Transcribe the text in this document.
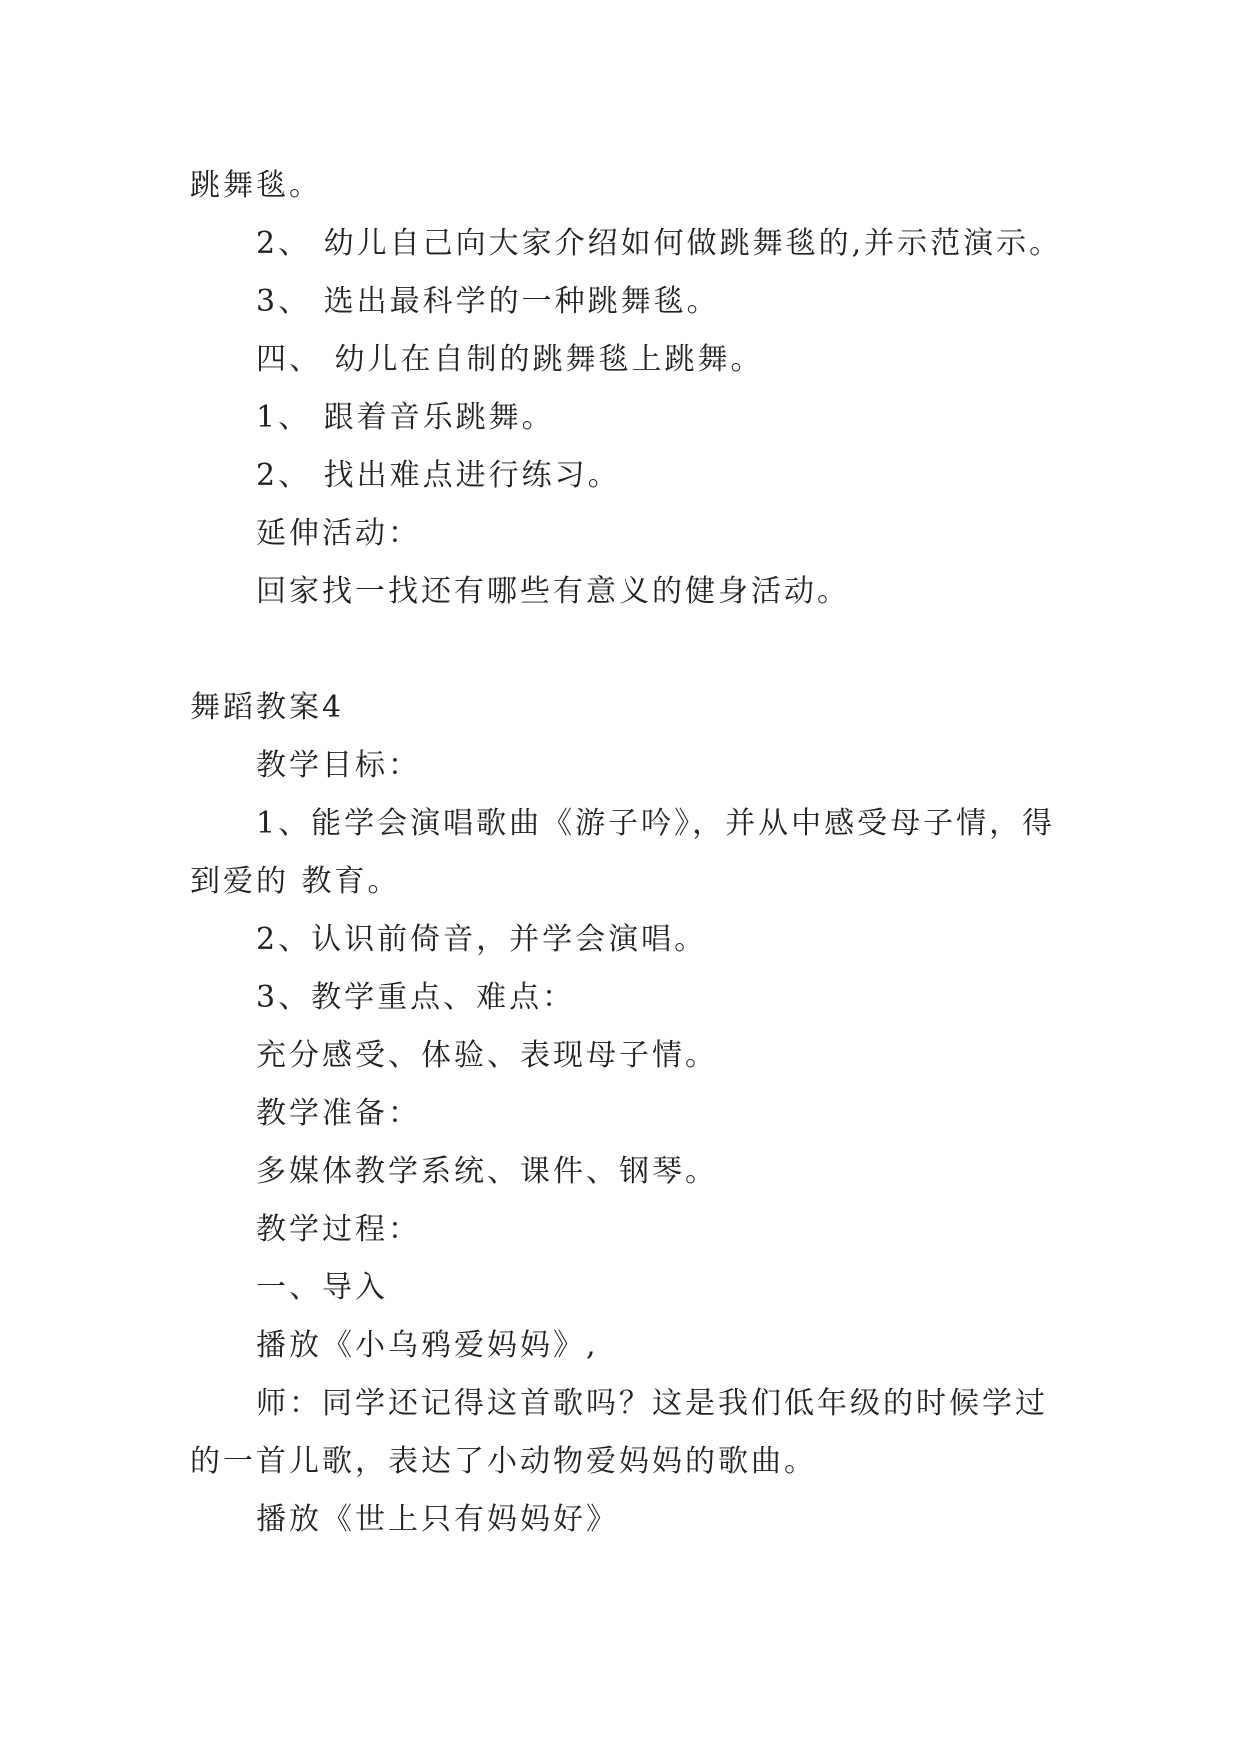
跳舞毯。
2、 幼儿自己向大家介绍如何做跳舞毯的,并示范演示。
3、 选出最科学的一种跳舞毯。
四、 幼儿在自制的跳舞毯上跳舞。
1、 跟着音乐跳舞。
2、 找出难点进行练习。
延伸活动：
回家找一找还有哪些有意义的健身活动。
舞蹈教案4
教学目标：
1、能学会演唱歌曲《游子吟》，并从中感受母子情，得
到爱的 教育。
2、认识前倚音，并学会演唱。
3、教学重点、难点：
充分感受、体验、表现母子情。
教学准备：
多媒体教学系统、课件、钢琴。
教学过程：
一、导入
播放《小乌鸦爱妈妈》,
师：同学还记得这首歌吗？这是我们低年级的时候学过
的一首儿歌，表达了小动物爱妈妈的歌曲。
播放《世上只有妈妈好》
